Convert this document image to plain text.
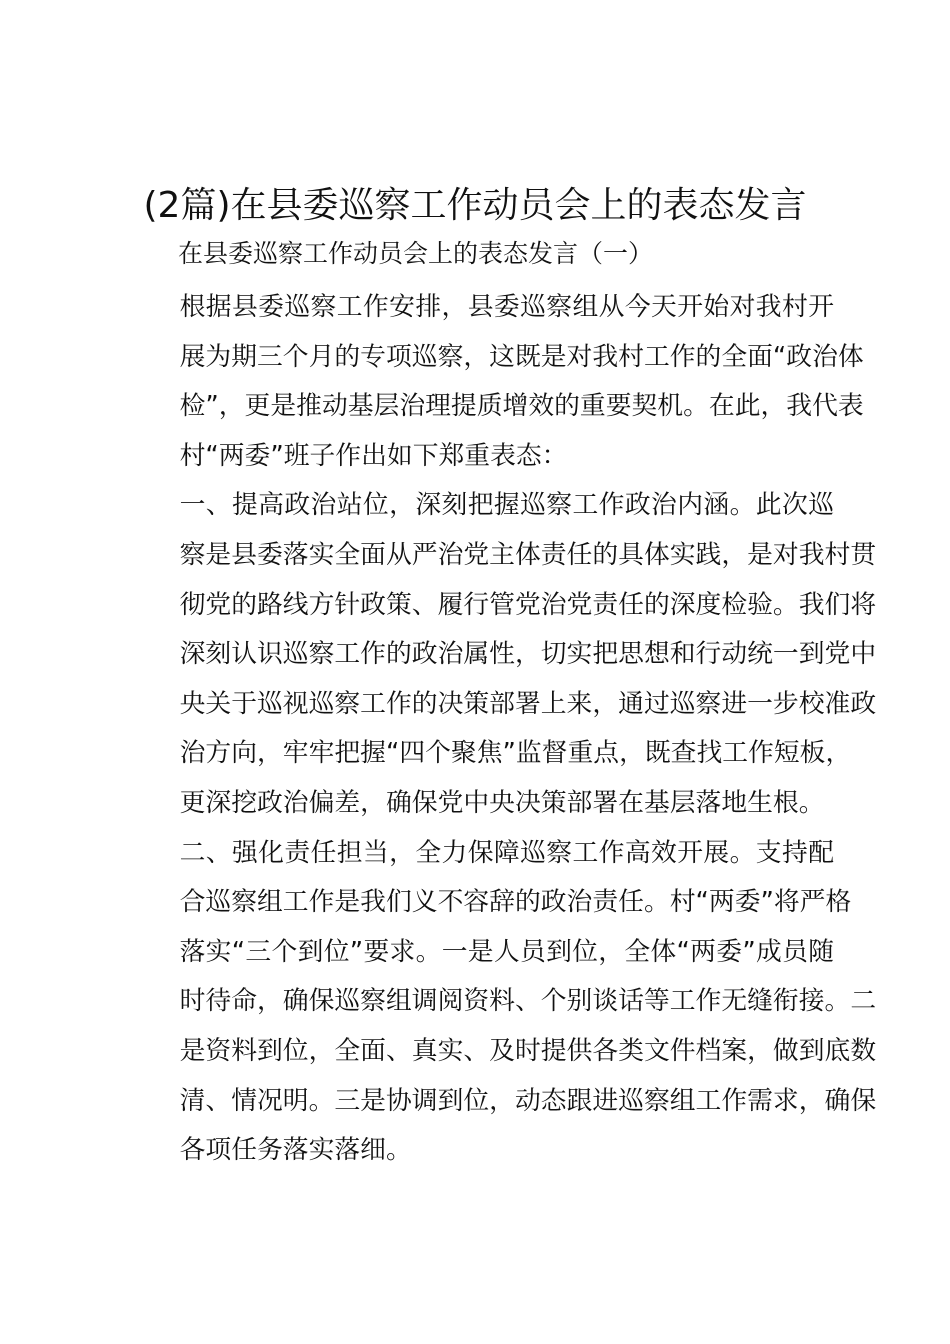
(2篇)在县委巡察工作动员会上的表态发言

在县委巡察工作动员会上的表态发言（一）

根据县委巡察工作安排，县委巡察组从今天开始对我村开
展为期三个月的专项巡察，这既是对我村工作的全面“政治体
检”，更是推动基层治理提质增效的重要契机。在此，我代表
村“两委”班子作出如下郑重表态：

一、提高政治站位，深刻把握巡察工作政治内涵。此次巡
察是县委落实全面从严治党主体责任的具体实践，是对我村贯
彻党的路线方针政策、履行管党治党责任的深度检验。我们将
深刻认识巡察工作的政治属性，切实把思想和行动统一到党中
央关于巡视巡察工作的决策部署上来，通过巡察进一步校准政
治方向，牢牢把握“四个聚焦”监督重点，既查找工作短板，
更深挖政治偏差，确保党中央决策部署在基层落地生根。

二、强化责任担当，全力保障巡察工作高效开展。支持配
合巡察组工作是我们义不容辞的政治责任。村“两委”将严格
落实“三个到位”要求。一是人员到位，全体“两委”成员随
时待命，确保巡察组调阅资料、个别谈话等工作无缝衔接。二
是资料到位，全面、真实、及时提供各类文件档案，做到底数
清、情况明。三是协调到位，动态跟进巡察组工作需求，确保
各项任务落实落细。
